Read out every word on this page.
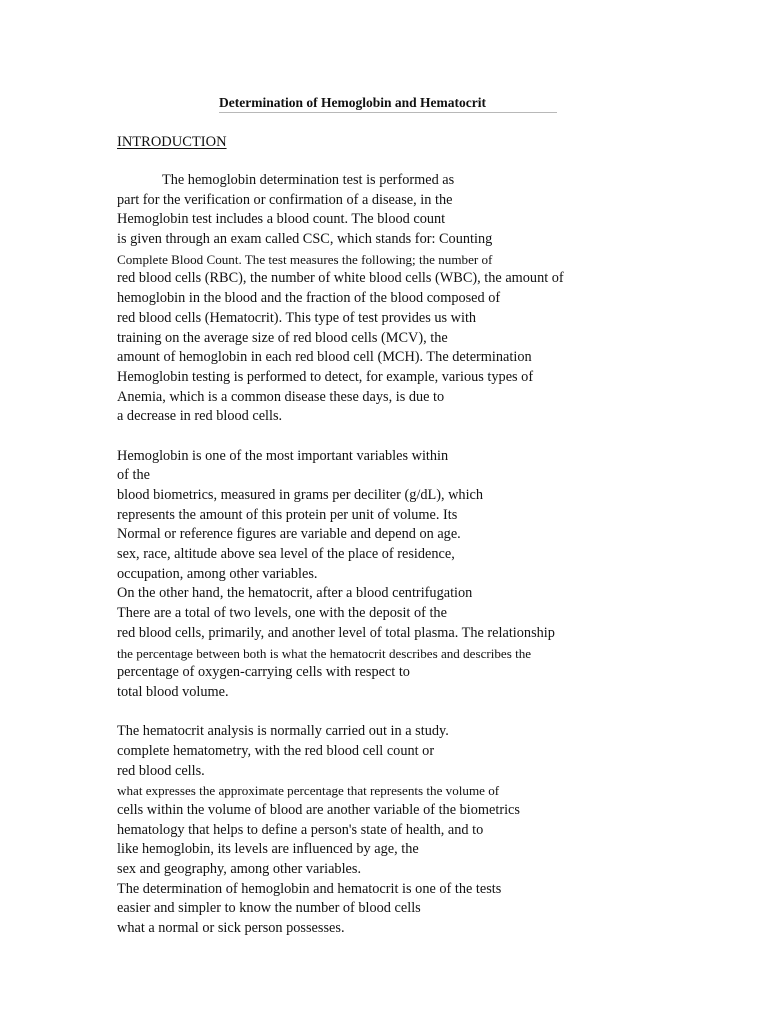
Determination of Hemoglobin and Hematocrit
INTRODUCTION
The hemoglobin determination test is performed as
part for the verification or confirmation of a disease, in the
Hemoglobin test includes a blood count. The blood count
is given through an exam called CSC, which stands for: Counting
Complete Blood Count. The test measures the following; the number of
red blood cells (RBC), the number of white blood cells (WBC), the amount of
hemoglobin in the blood and the fraction of the blood composed of
red blood cells (Hematocrit). This type of test provides us with
training on the average size of red blood cells (MCV), the
amount of hemoglobin in each red blood cell (MCH). The determination
Hemoglobin testing is performed to detect, for example, various types of
Anemia, which is a common disease these days, is due to
a decrease in red blood cells.
Hemoglobin is one of the most important variables within
of the
blood biometrics, measured in grams per deciliter (g/dL), which
represents the amount of this protein per unit of volume. Its
Normal or reference figures are variable and depend on age.
sex, race, altitude above sea level of the place of residence,
occupation, among other variables.
On the other hand, the hematocrit, after a blood centrifugation
There are a total of two levels, one with the deposit of the
red blood cells, primarily, and another level of total plasma. The relationship
the percentage between both is what the hematocrit describes and describes the
percentage of oxygen-carrying cells with respect to
total blood volume.
The hematocrit analysis is normally carried out in a study.
complete hematometry, with the red blood cell count or
red blood cells.
what expresses the approximate percentage that represents the volume of
cells within the volume of blood are another variable of the biometrics
hematology that helps to define a person's state of health, and to
like hemoglobin, its levels are influenced by age, the
sex and geography, among other variables.
The determination of hemoglobin and hematocrit is one of the tests
easier and simpler to know the number of blood cells
what a normal or sick person possesses.
